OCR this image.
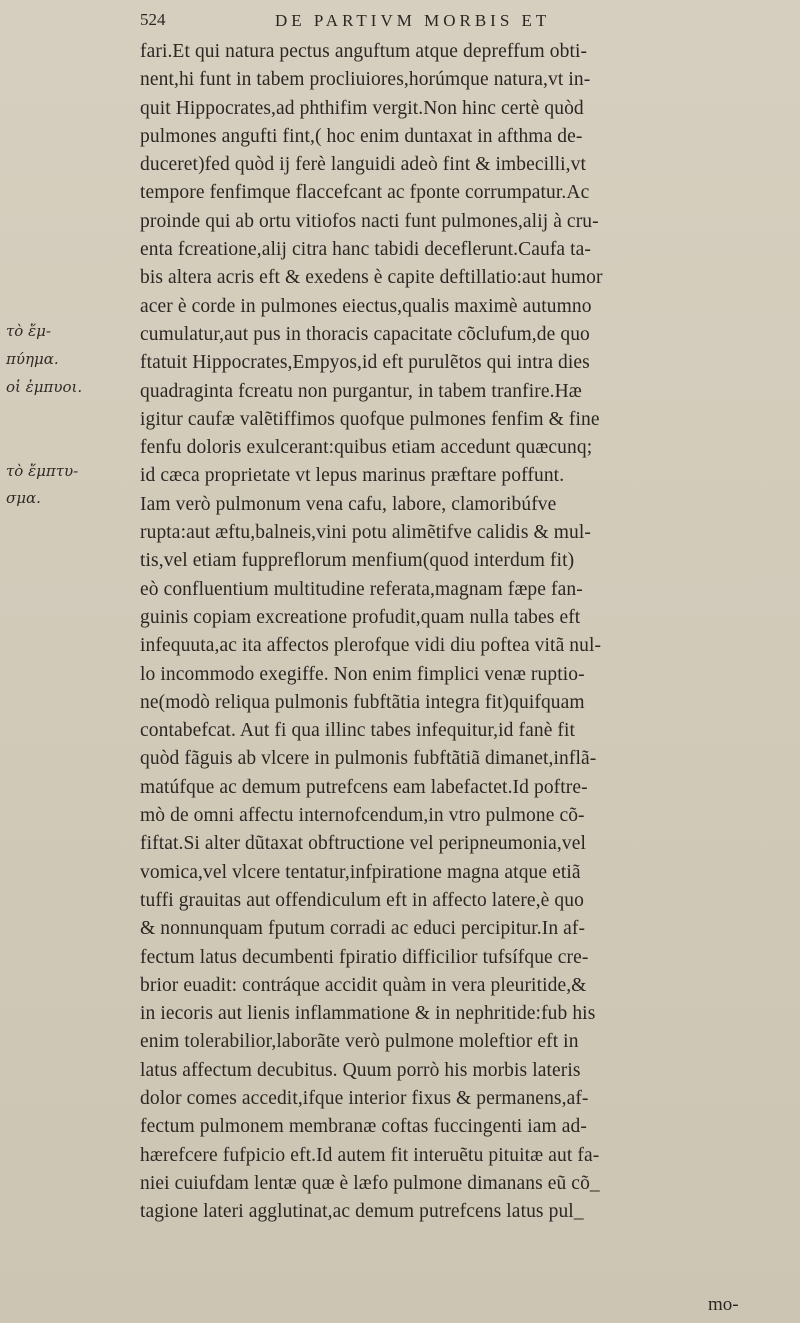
524	DE PARTIVM MORBIS ET
τὸ ἔμ-
πύημα.
οἱ ἐμπυοι.
τὸ ἔμπτυ-
σμα.
fari.Et qui natura pectus anguftum atque depreffum obti-
nent,hi funt in tabem procliuiores,horúmque natura,vt in-
quit Hippocrates,ad phthifim vergit.Non hinc certè quòd
pulmones angufti fint,( hoc enim duntaxat in afthma de-
duceret)fed quòd ij ferè languidi adeò fint & imbecilli,vt
tempore fenfimque flaccefcant ac fponte corrumpatur.Ac
proinde qui ab ortu vitiofos nacti funt pulmones,alij à cru-
enta fcreatione,alij citra hanc tabidi deceflerunt.Caufa ta-
bis altera acris eft & exedens è capite deftillatio:aut humor
acer è corde in pulmones eiectus,qualis maximè autumno
cumulatur,aut pus in thoracis capacitate cõclufum,de quo
ftatuit Hippocrates,Empyos,id eft purulẽtos qui intra dies
quadraginta fcreatu non purgantur, in tabem tranfire.Hæ
igitur caufæ valẽtiffimos quofque pulmones fenfim & fine
fenfu doloris exulcerant:quibus etiam accedunt quæcunq;
id cæca proprietate vt lepus marinus præftare poffunt.
Iam verò pulmonum vena cafu, labore, clamoribúfve
rupta:aut æftu,balneis,vini potu alimẽtifve calidis & mul-
tis,vel etiam fuppreflorum menfium(quod interdum fit)
eò confluentium multitudine referata,magnam fæpe fan-
guinis copiam excreatione profudit,quam nulla tabes eft
infequuta,ac ita affectos plerofque vidi diu poftea vitã nul-
lo incommodo exegiffe. Non enim fimplici venæ ruptio-
ne(modò reliqua pulmonis fubftãtia integra fit)quifquam
contabefcat. Aut fi qua illinc tabes infequitur,id fanè fit
quòd fãguis ab vlcere in pulmonis fubftãtiã dimanet,inflã-
matúfque ac demum putrefcens eam labefactet.Id poftre-
mò de omni affectu internofcendum,in vtro pulmone cõ-
fiftat.Si alter dũtaxat obftructione vel peripneumonia,vel
vomica,vel vlcere tentatur,infpiratione magna atque etiã
tuffi grauitas aut offendiculum eft in affecto latere,è quo
& nonnunquam fputum corradi ac educi percipitur.In af-
fectum latus decumbenti fpiratio difficilior tufsífque cre-
brior euadit: contráque accidit quàm in vera pleuritide,&
in iecoris aut lienis inflammatione & in nephritide:fub his
enim tolerabilior,laborãte verò pulmone moleftior eft in
latus affectum decubitus. Quum porrò his morbis lateris
dolor comes accedit,ifque interior fixus & permanens,af-
fectum pulmonem membranæ coftas fuccingenti iam ad-
hærefcere fufpicio eft.Id autem fit interuẽtu pituitæ aut fa-
niei cuiufdam lentæ quæ è læfo pulmone dimanans eũ cõ_
tagione lateri agglutinat,ac demum putrefcens latus pul_
mo-
